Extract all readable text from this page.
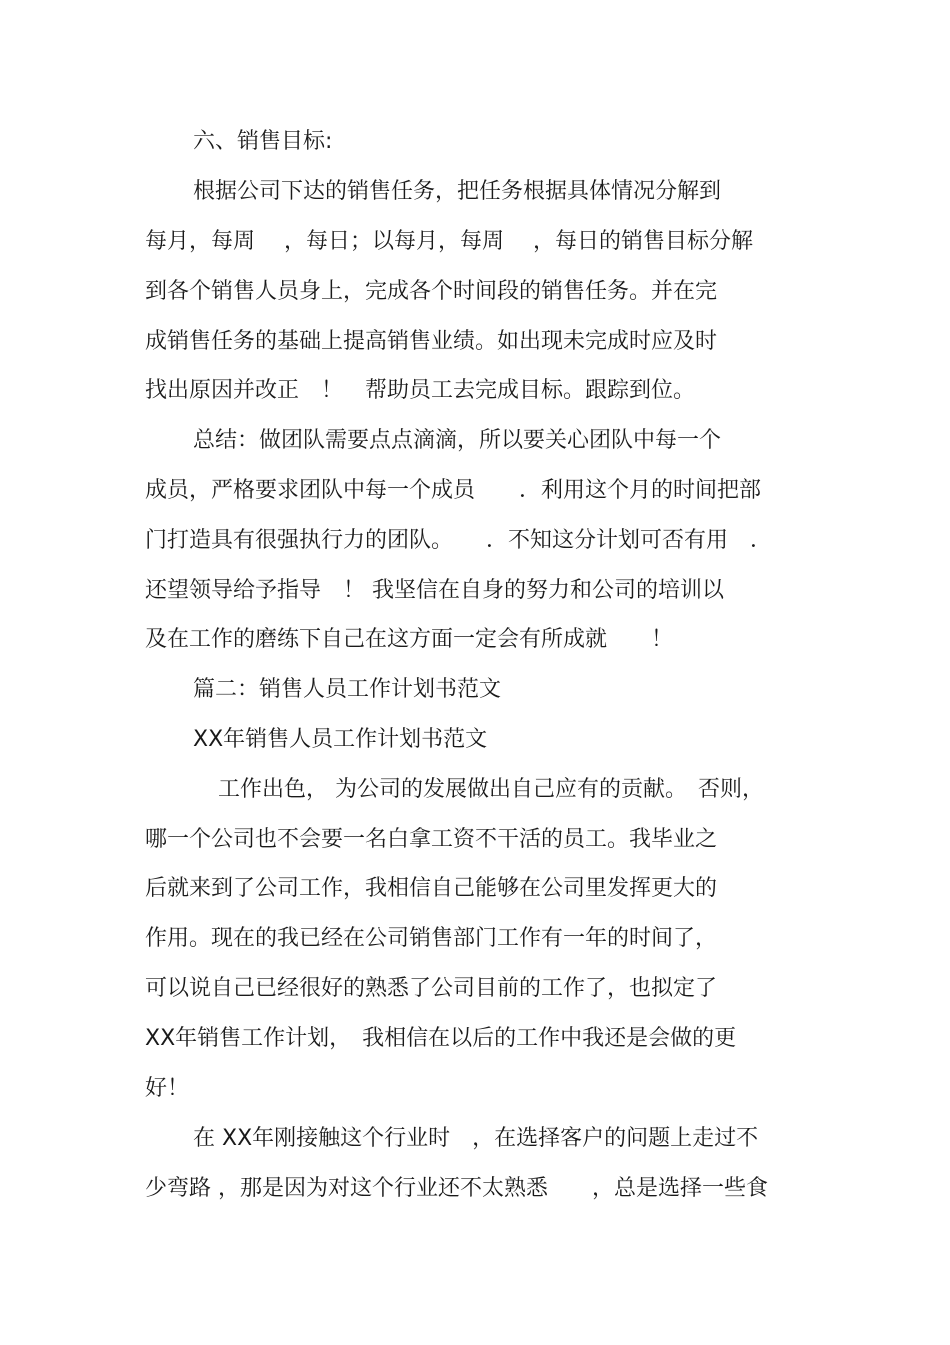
六、销售目标:

根据公司下达的销售任务，把任务根据具体情况分解到

每月，每周　 ，每日；以每月，每周　 ，每日的销售目标分解

到各个销售人员身上，完成各个时间段的销售任务。并在完

成销售任务的基础上提高销售业绩。如出现未完成时应及时

找出原因并改正　！　帮助员工去完成目标。跟踪到位。

总结：做团队需要点点滴滴，所以要关心团队中每一个

成员，严格要求团队中每一个成员　　．利用这个月的时间把部

门打造具有很强执行力的团队。　　．不知这分计划可否有用　．

还望领导给予指导　！ 我坚信在自身的努力和公司的培训以

及在工作的磨练下自己在这方面一定会有所成就　　！

篇二：销售人员工作计划书范文

XX年销售人员工作计划书范文

工作出色， 为公司的发展做出自己应有的贡献。　否则，

哪一个公司也不会要一名白拿工资不干活的员工。我毕业之

后就来到了公司工作，我相信自己能够在公司里发挥更大的

作用。现在的我已经在公司销售部门工作有一年的时间了，

可以说自己已经很好的熟悉了公司目前的工作了，也拟定了

XX年销售工作计划，　我相信在以后的工作中我还是会做的更

好！

在 XX年刚接触这个行业时　，在选择客户的问题上走过不

少弯路 ，那是因为对这个行业还不太熟悉　　，总是选择一些食
